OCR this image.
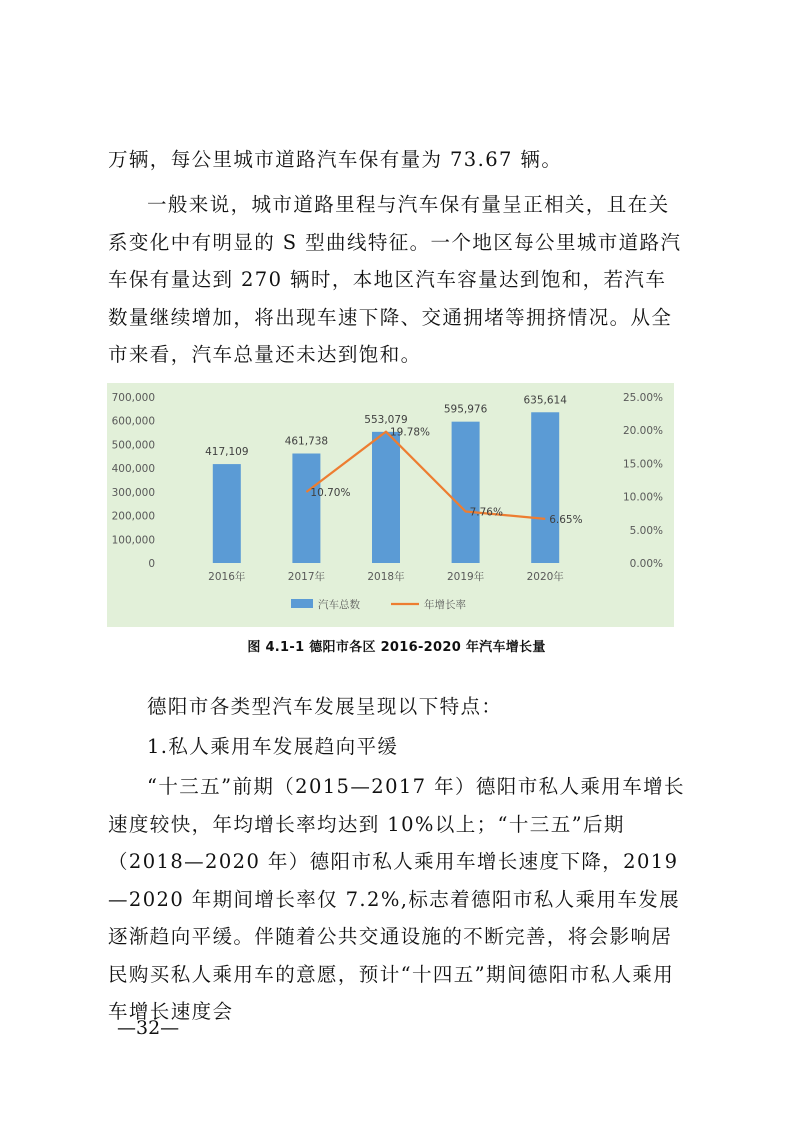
万辆，每公里城市道路汽车保有量为 73.67 辆。

一般来说，城市道路里程与汽车保有量呈正相关，且在关系变化中有明显的 S 型曲线特征。一个地区每公里城市道路汽车保有量达到 270 辆时，本地区汽车容量达到饱和，若汽车数量继续增加，将出现车速下降、交通拥堵等拥挤情况。从全市来看，汽车总量还未达到饱和。

0
100,000
200,000
300,000
400,000
500,000
600,000
700,000
0.00%
5.00%
10.00%
15.00%
20.00%
25.00%
2016年	2017年	2018年	2019年	2020年
417,109
461,738
553,079
595,976
635,614
10.70%
19.78%
7.76%
6.65%
汽车总数	年增长率
图 4.1-1 德阳市各区 2016-2020 年汽车增长量

德阳市各类型汽车发展呈现以下特点：

1.私人乘用车发展趋向平缓

“十三五”前期（2015—2017 年）德阳市私人乘用车增长速度较快，年均增长率均达到 10%以上；“十三五”后期（2018—2020 年）德阳市私人乘用车增长速度下降，2019—2020 年期间增长率仅 7.2%,标志着德阳市私人乘用车发展逐渐趋向平缓。伴随着公共交通设施的不断完善，将会影响居民购买私人乘用车的意愿，预计“十四五”期间德阳市私人乘用车增长速度会

—32—
